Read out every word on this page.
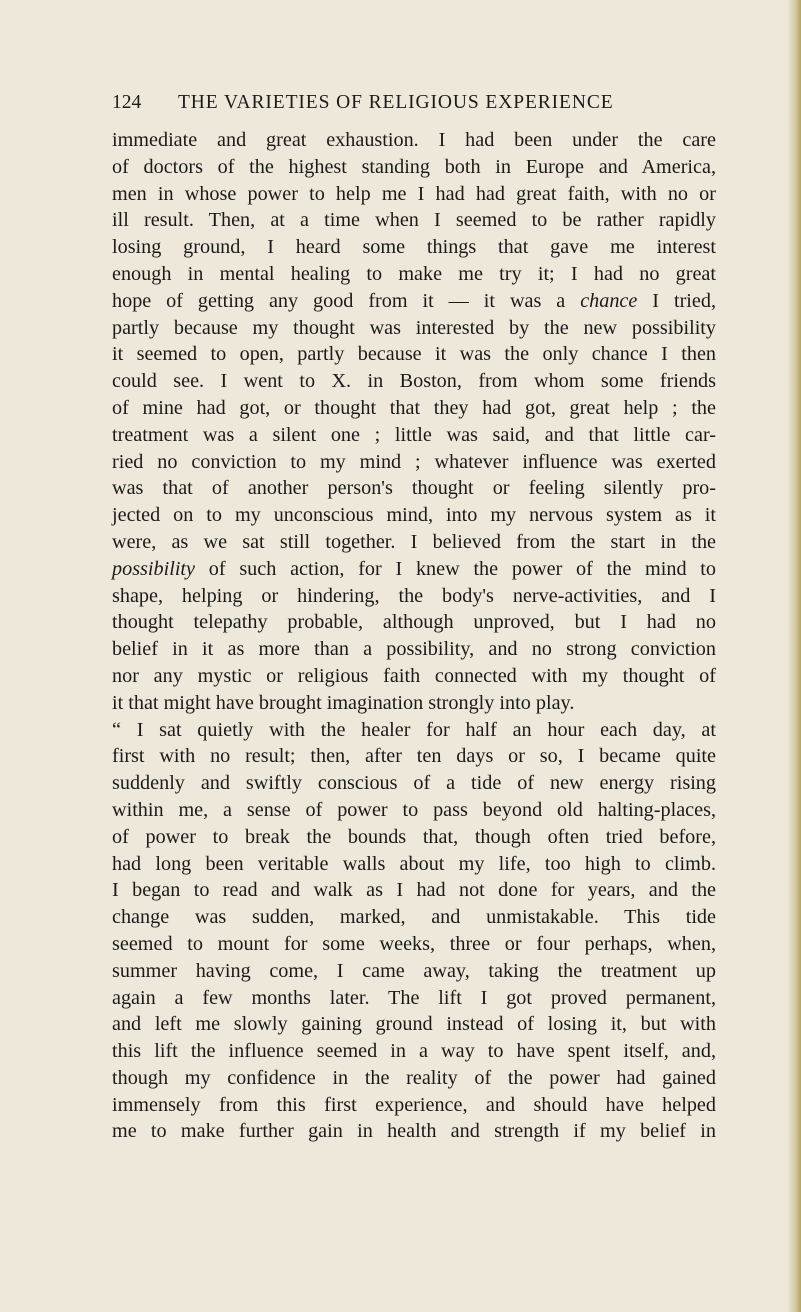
124 THE VARIETIES OF RELIGIOUS EXPERIENCE
immediate and great exhaustion. I had been under the care
of doctors of the highest standing both in Europe and America,
men in whose power to help me I had had great faith, with no or
ill result. Then, at a time when I seemed to be rather rapidly
losing ground, I heard some things that gave me interest
enough in mental healing to make me try it; I had no great
hope of getting any good from it — it was a chance I tried,
partly because my thought was interested by the new possibility
it seemed to open, partly because it was the only chance I then
could see. I went to X. in Boston, from whom some friends
of mine had got, or thought that they had got, great help ; the
treatment was a silent one ; little was said, and that little car-
ried no conviction to my mind ; whatever influence was exerted
was that of another person's thought or feeling silently pro-
jected on to my unconscious mind, into my nervous system as it
were, as we sat still together. I believed from the start in the
possibility of such action, for I knew the power of the mind to
shape, helping or hindering, the body's nerve-activities, and I
thought telepathy probable, although unproved, but I had no
belief in it as more than a possibility, and no strong conviction
nor any mystic or religious faith connected with my thought of
it that might have brought imagination strongly into play.
“ I sat quietly with the healer for half an hour each day, at
first with no result; then, after ten days or so, I became quite
suddenly and swiftly conscious of a tide of new energy rising
within me, a sense of power to pass beyond old halting-places,
of power to break the bounds that, though often tried before,
had long been veritable walls about my life, too high to climb.
I began to read and walk as I had not done for years, and the
change was sudden, marked, and unmistakable. This tide
seemed to mount for some weeks, three or four perhaps, when,
summer having come, I came away, taking the treatment up
again a few months later. The lift I got proved permanent,
and left me slowly gaining ground instead of losing it, but with
this lift the influence seemed in a way to have spent itself, and,
though my confidence in the reality of the power had gained
immensely from this first experience, and should have helped
me to make further gain in health and strength if my belief in
